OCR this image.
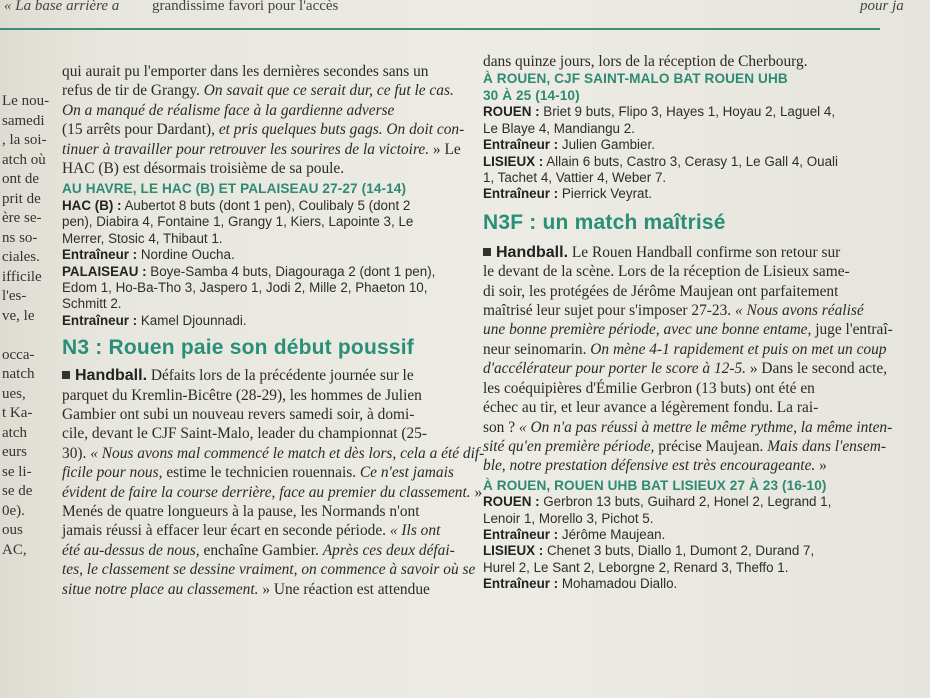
« La base arrière a grandissime favori pour l'accès	pour ja
Le nou-
samedi
, la soi-
atch où
ont de
prit de
ère se-
ns so-
ciales.
ifficile
l'es-
ve, le

occa-
natch
ues,
t Ka-
atch
eurs
se li-
se de
0e).
ous
AC,
qui aurait pu l'emporter dans les dernières secondes sans un
refus de tir de Grangy. On savait que ce serait dur, ce fut le cas.
On a manqué de réalisme face à la gardienne adverse
(15 arrêts pour Dardant), et pris quelques buts gags. On doit con-
tinuer à travailler pour retrouver les sourires de la victoire. » Le
HAC (B) est désormais troisième de sa poule.
AU HAVRE, LE HAC (B) ET PALAISEAU 27-27 (14-14)
HAC (B) : Aubertot 8 buts (dont 1 pen), Coulibaly 5 (dont 2
pen), Diabira 4, Fontaine 1, Grangy 1, Kiers, Lapointe 3, Le
Merrer, Stosic 4, Thibaut 1.
Entraîneur : Nordine Oucha.
PALAISEAU : Boye-Samba 4 buts, Diagouraga 2 (dont 1 pen),
Edom 1, Ho-Ba-Tho 3, Jaspero 1, Jodi 2, Mille 2, Phaeton 10,
Schmitt 2.
Entraîneur : Kamel Djounnadi.
N3 : Rouen paie son début poussif
Handball. Défaits lors de la précédente journée sur le
parquet du Kremlin-Bicêtre (28-29), les hommes de Julien
Gambier ont subi un nouveau revers samedi soir, à domi-
cile, devant le CJF Saint-Malo, leader du championnat (25-
30). « Nous avons mal commencé le match et dès lors, cela a été dif-
ficile pour nous, estime le technicien rouennais. Ce n'est jamais
évident de faire la course derrière, face au premier du classement. »
Menés de quatre longueurs à la pause, les Normands n'ont
jamais réussi à effacer leur écart en seconde période. « Ils ont
été au-dessus de nous, enchaîne Gambier. Après ces deux défai-
tes, le classement se dessine vraiment, on commence à savoir où se
situe notre place au classement. » Une réaction est attendue
dans quinze jours, lors de la réception de Cherbourg.
À ROUEN, CJF SAINT-MALO BAT ROUEN UHB
30 À 25 (14-10)
ROUEN : Briet 9 buts, Flipo 3, Hayes 1, Hoyau 2, Laguel 4,
Le Blaye 4, Mandiangu 2.
Entraîneur : Julien Gambier.
LISIEUX : Allain 6 buts, Castro 3, Cerasy 1, Le Gall 4, Ouali
1, Tachet 4, Vattier 4, Weber 7.
Entraîneur : Pierrick Veyrat.
N3F : un match maîtrisé
Handball. Le Rouen Handball confirme son retour sur
le devant de la scène. Lors de la réception de Lisieux same-
di soir, les protégées de Jérôme Maujean ont parfaitement
maîtrisé leur sujet pour s'imposer 27-23. « Nous avons réalisé
une bonne première période, avec une bonne entame, juge l'entraî-
neur seinomarin. On mène 4-1 rapidement et puis on met un coup
d'accélérateur pour porter le score à 12-5. » Dans le second acte,
les coéquipières d'Émilie Gerbron (13 buts) ont été en
échec au tir, et leur avance a légèrement fondu. La rai-
son ? « On n'a pas réussi à mettre le même rythme, la même inten-
sité qu'en première période, précise Maujean. Mais dans l'ensem-
ble, notre prestation défensive est très encourageante. »
À ROUEN, ROUEN UHB BAT LISIEUX 27 À 23 (16-10)
ROUEN : Gerbron 13 buts, Guihard 2, Honel 2, Legrand 1,
Lenoir 1, Morello 3, Pichot 5.
Entraîneur : Jérôme Maujean.
LISIEUX : Chenet 3 buts, Diallo 1, Dumont 2, Durand 7,
Hurel 2, Le Sant 2, Leborgne 2, Renard 3, Theffo 1.
Entraîneur : Mohamadou Diallo.
